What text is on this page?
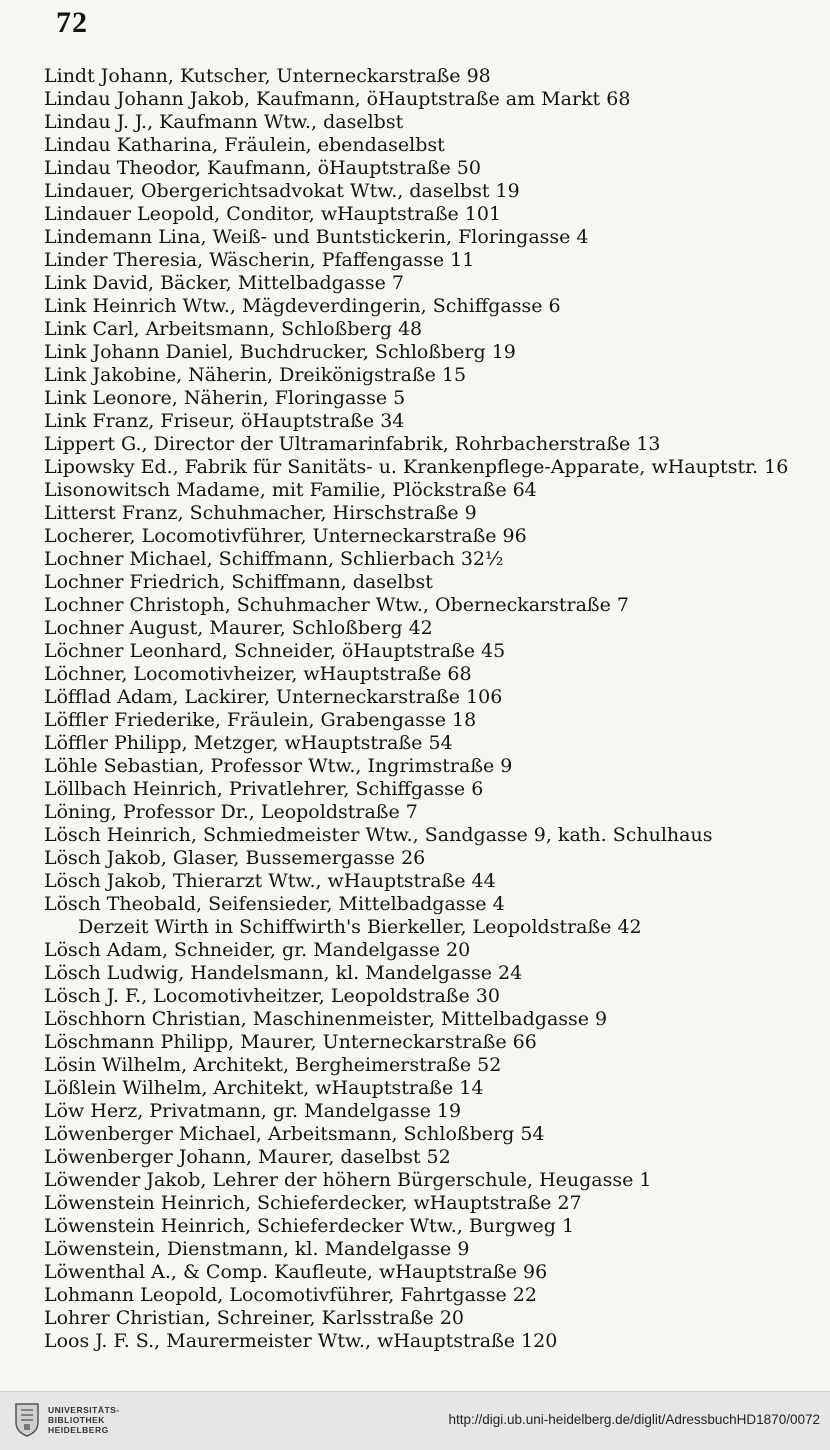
72
Lindt Johann, Kutscher, Unterneckarstraße 98
Lindau Johann Jakob, Kaufmann, öHauptstraße am Markt 68
Lindau J. J., Kaufmann Wtw., daselbst
Lindau Katharina, Fräulein, ebendaselbst
Lindau Theodor, Kaufmann, öHauptstraße 50
Lindauer, Obergerichtsadvokat Wtw., daselbst 19
Lindauer Leopold, Conditor, wHauptstraße 101
Lindemann Lina, Weiß- und Buntstickerin, Floringasse 4
Linder Theresia, Wäscherin, Pfaffengasse 11
Link David, Bäcker, Mittelbadgasse 7
Link Heinrich Wtw., Mägdeverdingerin, Schiffgasse 6
Link Carl, Arbeitsmann, Schloßberg 48
Link Johann Daniel, Buchdrucker, Schloßberg 19
Link Jakobine, Näherin, Dreikönigstraße 15
Link Leonore, Näherin, Floringasse 5
Link Franz, Friseur, öHauptstraße 34
Lippert G., Director der Ultramarinfabrik, Rohrbacherstraße 13
Lipowsky Ed., Fabrik für Sanitäts- u. Krankenpflege-Apparate, wHauptstr. 16
Lisonowitsch Madame, mit Familie, Plöckstraße 64
Litterst Franz, Schuhmacher, Hirschstraße 9
Locherer, Locomotivführer, Unterneckarstraße 96
Lochner Michael, Schiffmann, Schlierbach 32½
Lochner Friedrich, Schiffmann, daselbst
Lochner Christoph, Schuhmacher Wtw., Oberneckarstraße 7
Lochner August, Maurer, Schloßberg 42
Löchner Leonhard, Schneider, öHauptstraße 45
Löchner, Locomotivheizer, wHauptstraße 68
Löfflad Adam, Lackirer, Unterneckarstraße 106
Löffler Friederike, Fräulein, Grabengasse 18
Löffler Philipp, Metzger, wHauptstraße 54
Löhle Sebastian, Professor Wtw., Ingrimstraße 9
Löllbach Heinrich, Privatlehrer, Schiffgasse 6
Löning, Professor Dr., Leopoldstraße 7
Lösch Heinrich, Schmiedmeister Wtw., Sandgasse 9, kath. Schulhaus
Lösch Jakob, Glaser, Bussemergasse 26
Lösch Jakob, Thierarzt Wtw., wHauptstraße 44
Lösch Theobald, Seifensieder, Mittelbadgasse 4
Derzeit Wirth in Schiffwirth's Bierkeller, Leopoldstraße 42
Lösch Adam, Schneider, gr. Mandelgasse 20
Lösch Ludwig, Handelsmann, kl. Mandelgasse 24
Lösch J. F., Locomotivheitzer, Leopoldstraße 30
Löschhorn Christian, Maschinenmeister, Mittelbadgasse 9
Löschmann Philipp, Maurer, Unterneckarstraße 66
Lösin Wilhelm, Architekt, Bergheimerstraße 52
Lößlein Wilhelm, Architekt, wHauptstraße 14
Löw Herz, Privatmann, gr. Mandelgasse 19
Löwenberger Michael, Arbeitsmann, Schloßberg 54
Löwenberger Johann, Maurer, daselbst 52
Löwender Jakob, Lehrer der höhern Bürgerschule, Heugasse 1
Löwenstein Heinrich, Schieferdecker, wHauptstraße 27
Löwenstein Heinrich, Schieferdecker Wtw., Burgweg 1
Löwenstein, Dienstmann, kl. Mandelgasse 9
Löwenthal A., & Comp. Kaufleute, wHauptstraße 96
Lohmann Leopold, Locomotivführer, Fahrtgasse 22
Lohrer Christian, Schreiner, Karlsstraße 20
Loos J. F. S., Maurermeister Wtw., wHauptstraße 120
UNIVERSITÄTS-
BIBLIOTHEK
HEIDELBERG
http://digi.ub.uni-heidelberg.de/diglit/AdressbuchHD1870/0072
